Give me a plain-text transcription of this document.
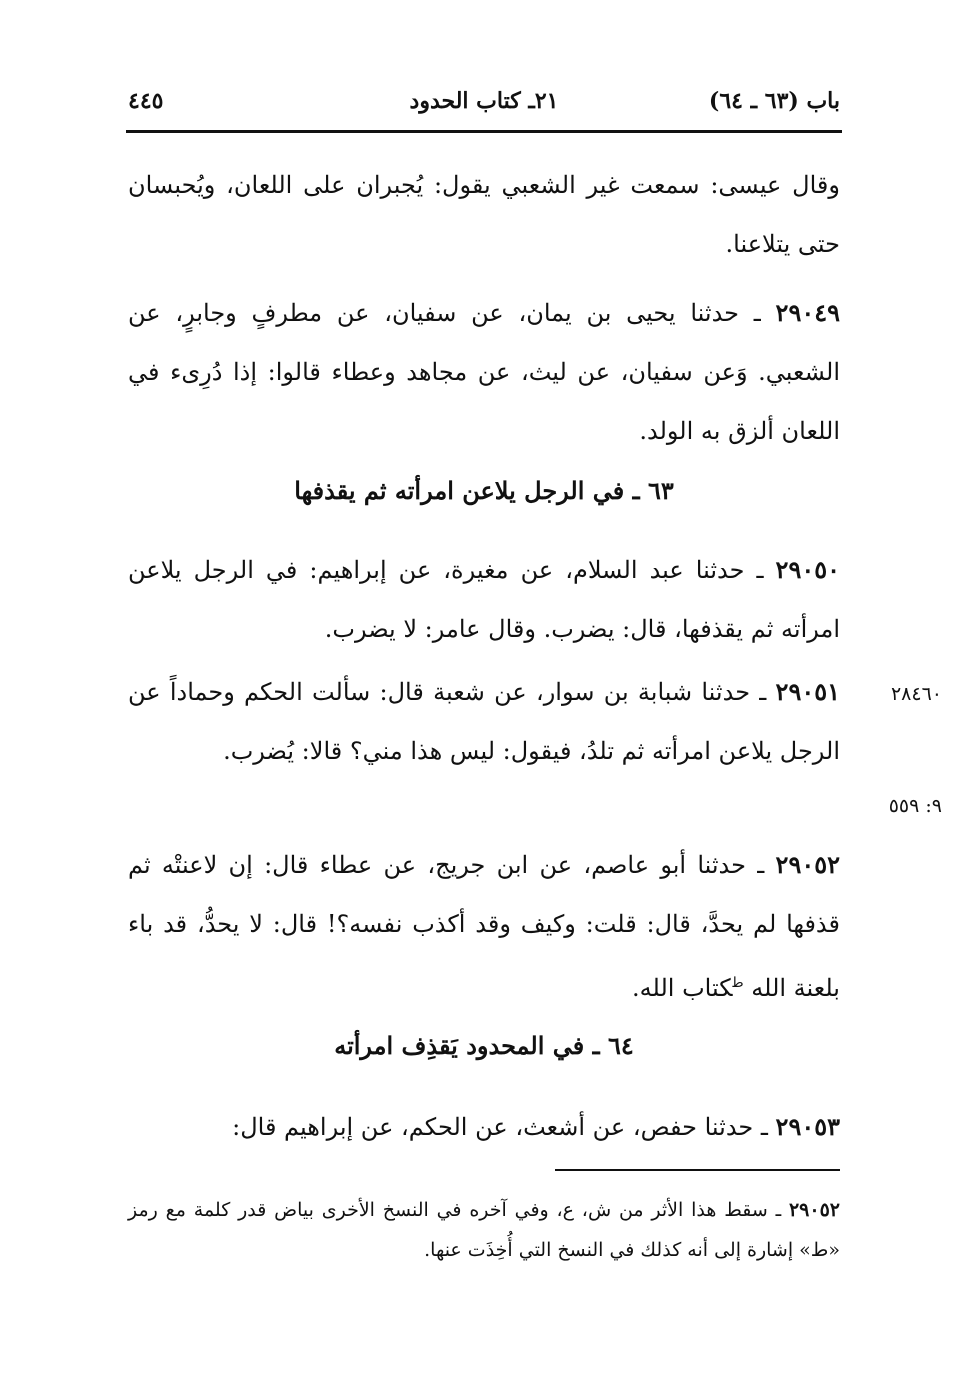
باب (٦٣ ـ ٦٤)
٢١ـ كتاب الحدود
٤٤٥

وقال عيسى: سمعت غير الشعبي يقول: يُجبران على اللعان، ويُحبسان حتى يتلاعنا.

٢٩٠٤٩ ـ حدثنا يحيى بن يمان، عن سفيان، عن مطرفٍ وجابرٍ، عن الشعبي. وَعن سفيان، عن ليث، عن مجاهد وعطاء قالوا: إذا دُرِىء في اللعان ألزق به الولد.

٦٣ ـ في الرجل يلاعن امرأته ثم يقذفها

٢٩٠٥٠ ـ حدثنا عبد السلام، عن مغيرة، عن إبراهيم: في الرجل يلاعن امرأته ثم يقذفها، قال: يضرب. وقال عامر: لا يضرب.

٢٨٤٦٠

٢٩٠٥١ ـ حدثنا شبابة بن سوار، عن شعبة قال: سألت الحكم وحماداً عن الرجل يلاعن امرأته ثم تلدُ، فيقول: ليس هذا مني؟ قالا: يُضرب.

٩: ٥٥٩

٢٩٠٥٢ ـ حدثنا أبو عاصم، عن ابن جريج، عن عطاء قال: إن لاعنتْه ثم قذفها لم يحدَّ، قال: قلت: وكيف وقد أكذب نفسه؟! قال: لا يحدُّ، قد باء بلعنة الله $^ط$كتاب الله.

٦٤ ـ في المحدود يَقذِف امرأته

٢٩٠٥٣ ـ حدثنا حفص، عن أشعث، عن الحكم، عن إبراهيم قال:

٢٩٠٥٢ ـ سقط هذا الأثر من ش، ع، وفي آخره في النسخ الأخرى بياض قدر كلمة مع رمز «ط» إشارة إلى أنه كذلك في النسخ التي أُخِذَت عنها.
